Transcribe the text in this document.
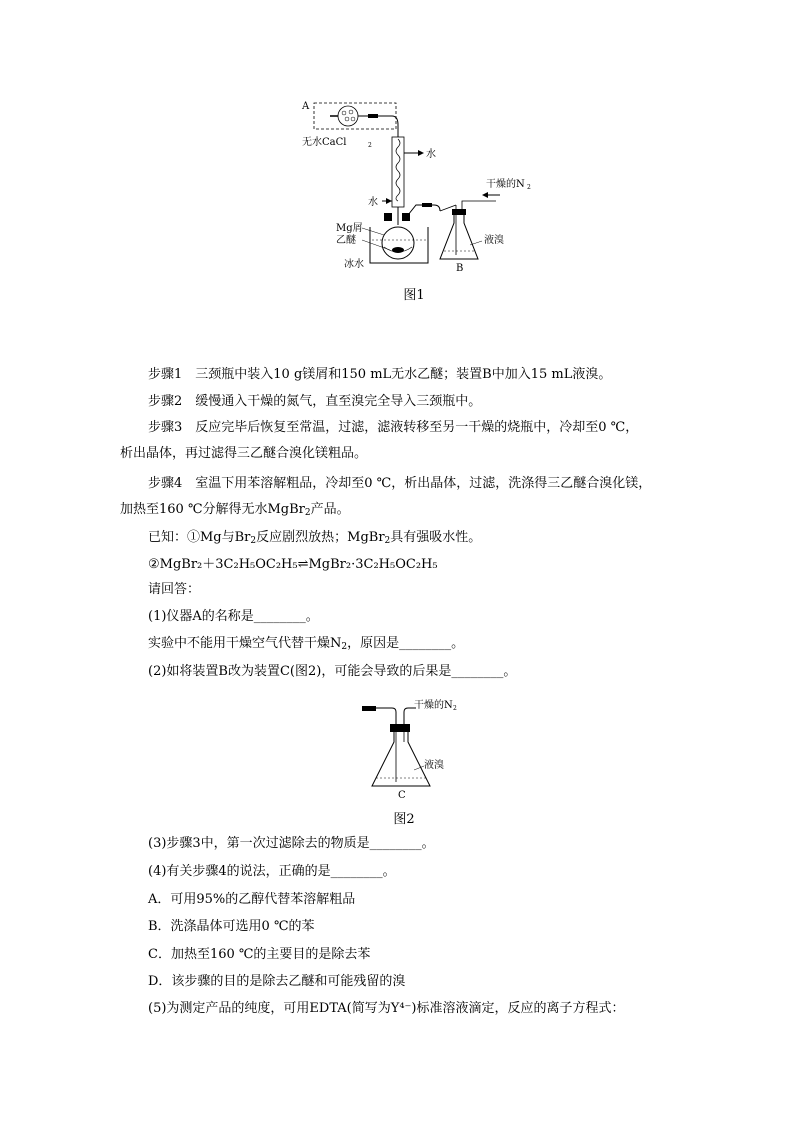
A
无水CaCl	2
水
水
Mg屑
乙醚
冰水
干燥的N 2
液溴
B
图1
步骤1　三颈瓶中装入10 g镁屑和150 mL无水乙醚；装置B中加入15 mL液溴。
步骤2　缓慢通入干燥的氮气，直至溴完全导入三颈瓶中。
步骤3　反应完毕后恢复至常温，过滤，滤液转移至另一干燥的烧瓶中，冷却至0 ℃，
析出晶体，再过滤得三乙醚合溴化镁粗品。
步骤4　室温下用苯溶解粗品，冷却至0 ℃，析出晶体，过滤，洗涤得三乙醚合溴化镁，
加热至160 ℃分解得无水MgBr$_2$产品。
已知：①Mg与$Br_2$反应剧烈放热；MgBr$_2$具有强吸水性。
②MgBr₂＋3C₂H₅OC₂H₅⇌MgBr₂·3C₂H₅OC₂H₅
请回答：
(1)仪器A的名称是________。
实验中不能用干燥空气代替干燥$N_2$，原因是________。
(2)如将装置B改为装置C(图2)，可能会导致的后果是________。
干燥的N 2
液溴
C
图2
(3)步骤3中，第一次过滤除去的物质是________。
(4)有关步骤4的说法，正确的是________。
A．可用95%的乙醇代替苯溶解粗品
B．洗涤晶体可选用0 ℃的苯
C．加热至160 ℃的主要目的是除去苯
D．该步骤的目的是除去乙醚和可能残留的溴
(5)为测定产品的纯度，可用EDTA(简写为Y⁴⁻)标准溶液滴定，反应的离子方程式：
